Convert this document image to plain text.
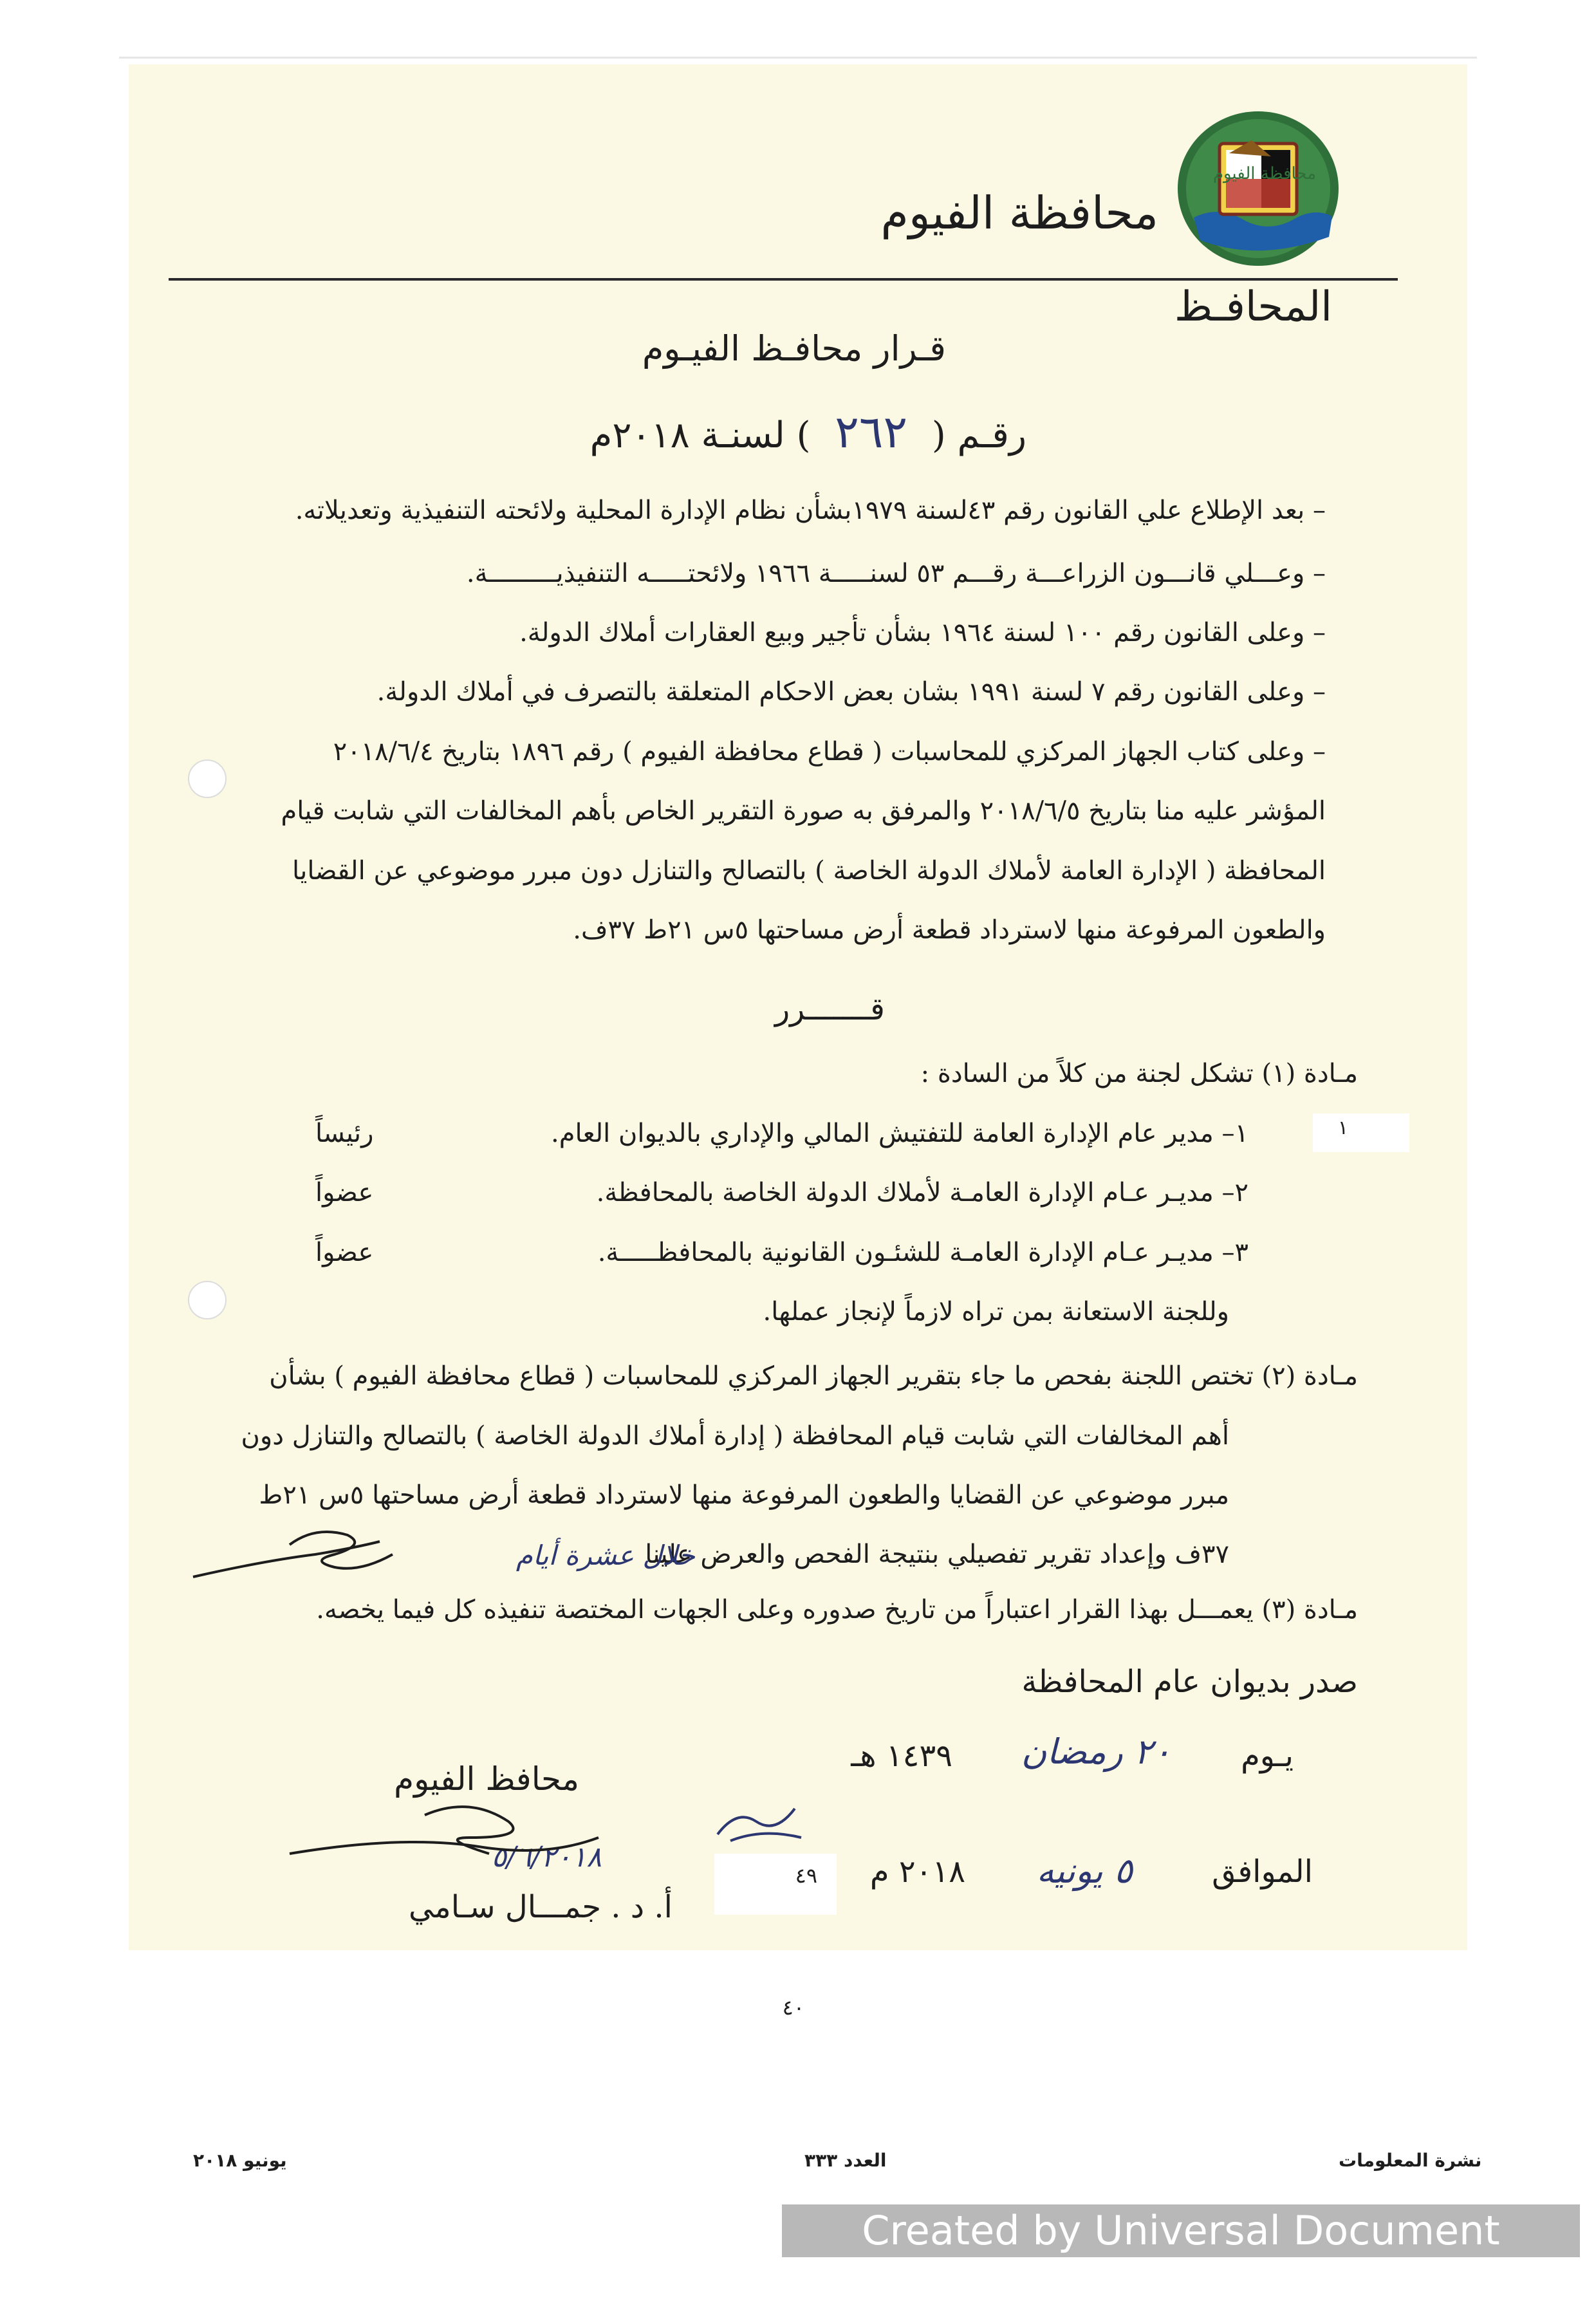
محافظة الفيوم
محافظة الفيوم
المحافـظ
قـرار محافـظ الفيـوم
رقـم ( ٢٦٢ ) لسنـة ٢٠١٨م
– بعد الإطلاع علي القانون رقم ٤٣لسنة ١٩٧٩بشأن نظام الإدارة المحلية ولائحته التنفيذية وتعديلاته.
– وعـــلي قانـــون الزراعـــة رقـــم ٥٣ لسنـــــة ١٩٦٦ ولائحتـــــه التنفيذيـــــــــة.
– وعلى القانون رقم ١٠٠ لسنة ١٩٦٤ بشأن تأجير وبيع العقارات أملاك الدولة.
– وعلى القانون رقم ٧ لسنة ١٩٩١ بشان بعض الاحكام المتعلقة بالتصرف في أملاك الدولة.
– وعلى كتاب الجهاز المركزي للمحاسبات ( قطاع محافظة الفيوم ) رقم ١٨٩٦ بتاريخ ٢٠١٨/٦/٤
المؤشر عليه منا بتاريخ ٢٠١٨/٦/٥ والمرفق به صورة التقرير الخاص بأهم المخالفات التي شابت قيام
المحافظة ( الإدارة العامة لأملاك الدولة الخاصة ) بالتصالح والتنازل دون مبرر موضوعي عن القضايا
والطعون المرفوعة منها لاسترداد قطعة أرض مساحتها ٥س ٢١ط ٣٧ف.
قـــــــرر
مـادة (١) تشكل لجنة من كلاً من السادة :
١– مدير عام الإدارة العامة للتفتيش المالي والإداري بالديوان العام.
رئيساً
٢– مديـر عـام الإدارة العامـة لأملاك الدولة الخاصة بالمحافظة.
عضواً
٣– مديـر عـام الإدارة العامـة للشئـون القانونية بالمحافظـــــة.
عضواً
وللجنة الاستعانة بمن تراه لازماً لإنجاز عملها.
١
مـادة (٢) تختص اللجنة بفحص ما جاء بتقرير الجهاز المركزي للمحاسبات ( قطاع محافظة الفيوم ) بشأن
أهم المخالفات التي شابت قيام المحافظة ( إدارة أملاك الدولة الخاصة ) بالتصالح والتنازل دون
مبرر موضوعي عن القضايا والطعون المرفوعة منها لاسترداد قطعة أرض مساحتها ٥س ٢١ط
٣٧ف وإعداد تقرير تفصيلي بنتيجة الفحص والعرض علينا
خلال عشرة أيام
مـادة (٣) يعمـــل بهذا القرار اعتباراً من تاريخ صدوره وعلى الجهات المختصة تنفيذه كل فيما يخصه.
صدر بديوان عام المحافظة
يـوم
٢٠ رمضان
١٤٣٩ هـ
الموافق
٥ يونيه
٢٠١٨ م
٤٩
محافظ الفيوم
أ. د . جمـــال سـامي
٥/٦/٢٠١٨
٤٠
يونيو ٢٠١٨	العدد ٣٣٣	نشرة المعلومات
Created by Universal Document Converter
